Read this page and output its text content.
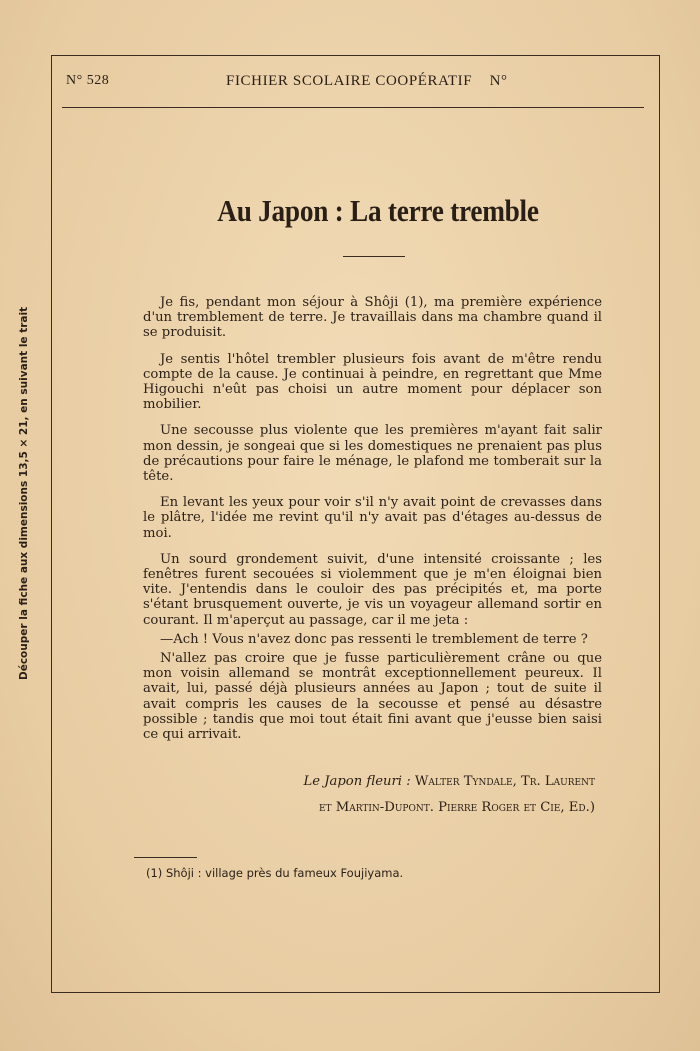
N° 528	FICHIER SCOLAIRE COOPÉRATIF    N°
Découper la fiche aux dimensions 13,5 × 21, en suivant le trait
Au Japon : La terre tremble

Je fis, pendant mon séjour à Shôji (1), ma première expérience d'un tremblement de terre. Je travaillais dans ma chambre quand il se produisit.

Je sentis l'hôtel trembler plusieurs fois avant de m'être rendu compte de la cause. Je continuai à peindre, en regrettant que Mme Higouchi n'eût pas choisi un autre moment pour déplacer son mobilier.

Une secousse plus violente que les premières m'ayant fait salir mon dessin, je songeai que si les domestiques ne prenaient pas plus de précautions pour faire le ménage, le plafond me tomberait sur la tête.

En levant les yeux pour voir s'il n'y avait point de crevasses dans le plâtre, l'idée me revint qu'il n'y avait pas d'étages au-dessus de moi.

Un sourd grondement suivit, d'une intensité croissante ; les fenêtres furent secouées si violemment que je m'en éloignai bien vite. J'entendis dans le couloir des pas précipités et, ma porte s'étant brusquement ouverte, je vis un voyageur allemand sortir en courant. Il m'aperçut au passage, car il me jeta :

—Ach ! Vous n'avez donc pas ressenti le tremblement de terre ?

N'allez pas croire que je fusse particulièrement crâne ou que mon voisin allemand se montrât exceptionnellement peureux. Il avait, lui, passé déjà plusieurs années au Japon ; tout de suite il avait compris les causes de la secousse et pensé au désastre possible ; tandis que moi tout était fini avant que j'eusse bien saisi ce qui arrivait.

Le Japon fleuri : Walter Tyndale, Tr. Laurent
et Martin-Dupont. Pierre Roger et Cie, Ed.)
(1) Shôji : village près du fameux Foujiyama.
